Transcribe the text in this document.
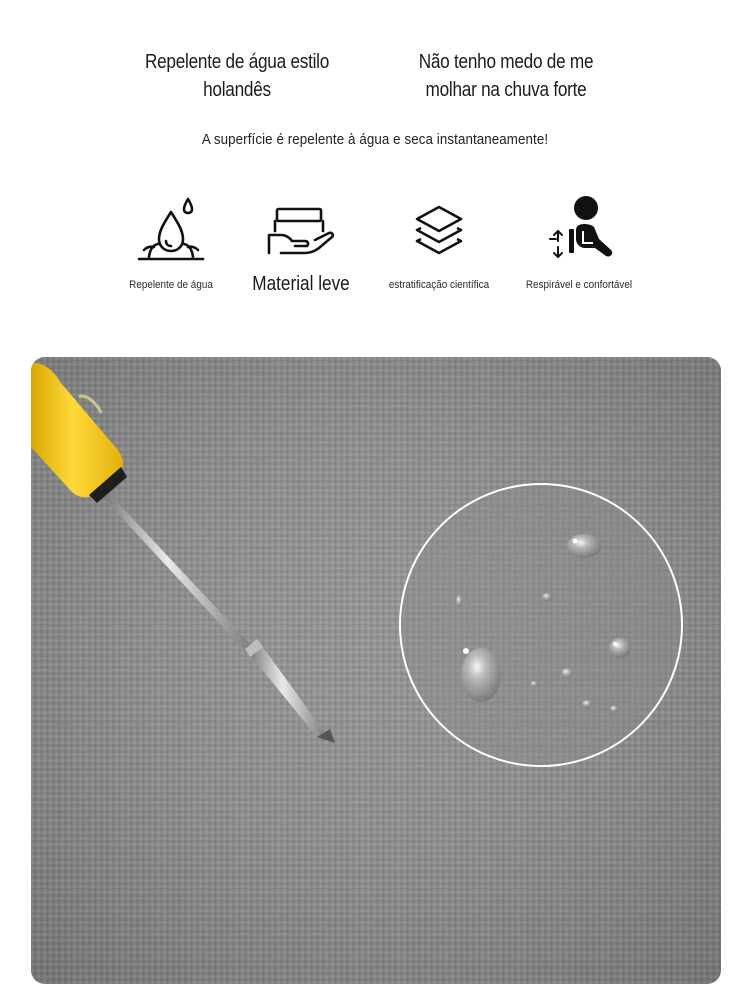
Repelente de água estilo holandês
Não tenho medo de me molhar na chuva forte
A superfície é repelente à água e seca instantaneamente!
Repelente de água	Material leve	estratificação científica	Respirável e confortável
